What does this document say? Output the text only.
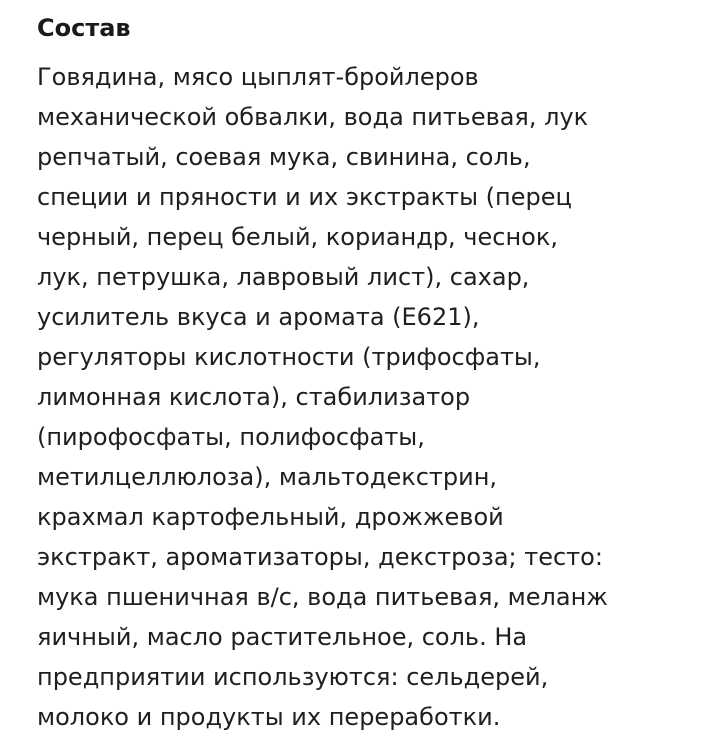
Состав

Говядина, мясо цыплят-бройлеров
механической обвалки, вода питьевая, лук
репчатый, соевая мука, свинина, соль,
специи и пряности и их экстракты (перец
черный, перец белый, кориандр, чеснок,
лук, петрушка, лавровый лист), сахар,
усилитель вкуса и аромата (Е621),
регуляторы кислотности (трифосфаты,
лимонная кислота), стабилизатор
(пирофосфаты, полифосфаты,
метилцеллюлоза), мальтодекстрин,
крахмал картофельный, дрожжевой
экстракт, ароматизаторы, декстроза; тесто:
мука пшеничная в/с, вода питьевая, меланж
яичный, масло растительное, соль. На
предприятии используются: сельдерей,
молоко и продукты их переработки.
